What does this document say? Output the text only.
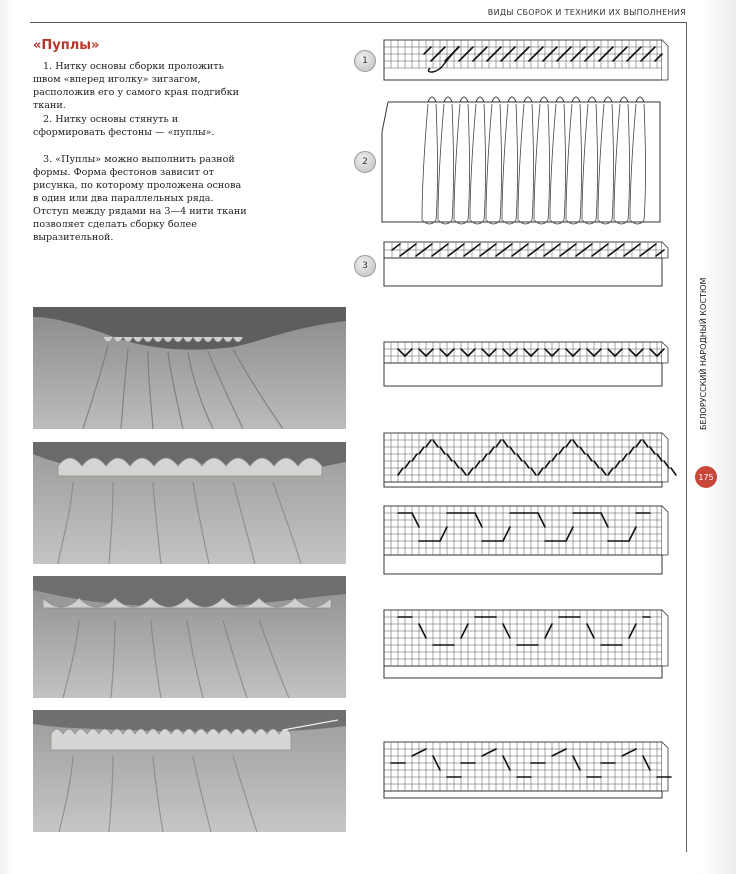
ВИДЫ СБОРОК И ТЕХНИКИ ИХ ВЫПОЛНЕНИЯ
БЕЛОРУССКИЙ НАРОДНЫЙ КОСТЮМ
175
«Пуплы»

1. Нитку основы сборки проложить швом «вперед иголку» зигзагом, расположив его у самого края подгибки ткани.

2. Нитку основы стянуть и сформировать фестоны — «пуплы».

3. «Пуплы» можно выполнить разной формы. Форма фестонов зависит от рисунка, по которому проложена основа в один или два параллельных ряда. Отступ между рядами на 3—4 нити ткани позволяет сделать сборку более выразительной.

1
2
3
